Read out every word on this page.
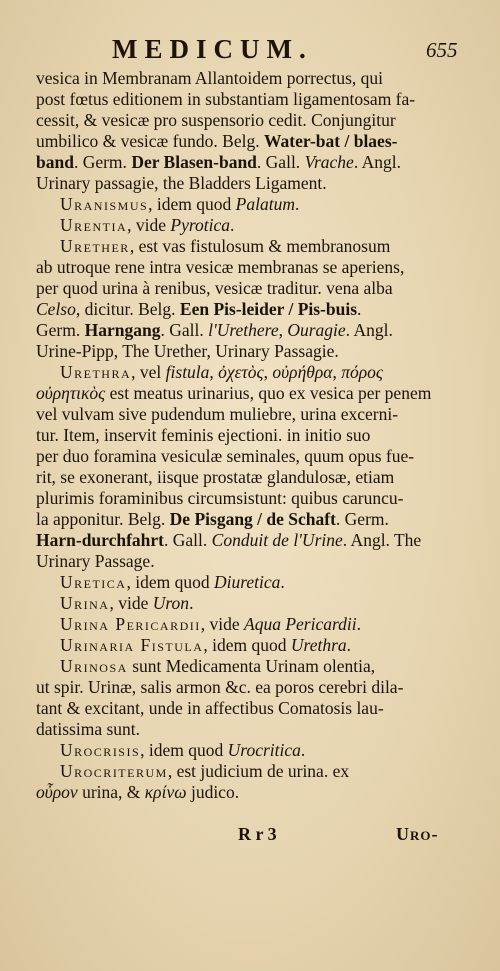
MEDICUM.	655
vesica in Membranam Allantoidem porrectus, qui
post fœtus editionem in substantiam ligamentosam fa-
cessit, & vesicæ pro suspensorio cedit. Conjungitur
umbilico & vesicæ fundo. Belg. Water-bat / blaes-
band. Germ. Der Blasen-band. Gall. Vrache. Angl.
Urinary passagie, the Bladders Ligament.
Uranismus, idem quod Palatum.
Urentia, vide Pyrotica.
Urether, est vas fistulosum & membranosum
ab utroque rene intra vesicæ membranas se aperiens,
per quod urina à renibus, vesicæ traditur. vena alba
Celso, dicitur. Belg. Een Pis-leider / Pis-buis.
Germ. Harngang. Gall. l'Urethere, Ouragie. Angl.
Urine-Pipp, The Urether, Urinary Passagie.
Urethra, vel fistula, ὀχετὸς, οὐρήθρα, πόρος
οὐρητικὸς est meatus urinarius, quo ex vesica per penem
vel vulvam sive pudendum muliebre, urina excerni-
tur. Item, inservit feminis ejectioni. in initio suo
per duo foramina vesiculæ seminales, quum opus fue-
rit, se exonerant, iisque prostatæ glandulosæ, etiam
plurimis foraminibus circumsistunt: quibus caruncu-
la apponitur. Belg. De Pisgang / de Schaft. Germ.
Harn-durchfahrt. Gall. Conduit de l'Urine. Angl. The
Urinary Passage.
Uretica, idem quod Diuretica.
Urina, vide Uron.
Urina Pericardii, vide Aqua Pericardii.
Urinaria Fistula, idem quod Urethra.
Urinosa sunt Medicamenta Urinam olentia,
ut spir. Urinæ, salis armon &c. ea poros cerebri dila-
tant & excitant, unde in affectibus Comatosis lau-
datissima sunt.
Urocrisis, idem quod Urocritica.
Urocriterum, est judicium de urina. ex
οὖρον urina, & κρίνω judico.
R r 3	Uro-
